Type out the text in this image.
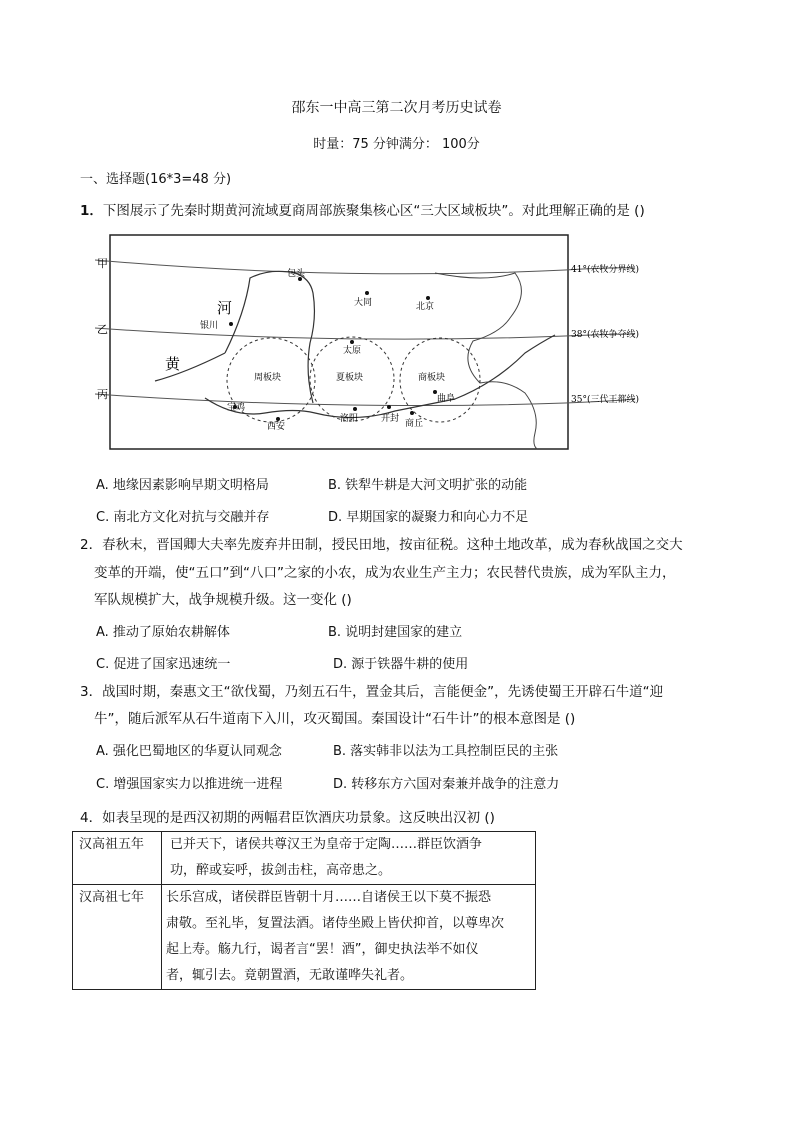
邵东一中高三第二次月考历史试卷
时量：75 分钟满分： 100分
一、选择题(16*3=48 分)
1．下图展示了先秦时期黄河流域夏商周部族聚集核心区“三大区域板块”。对此理解正确的是 ()
甲
乙
丙
41°(农牧分界线)
38°(农牧争夺线)
35°(三代王都线)
河
黄
包头
大同	北京
银川
太原
宝鸡
洛阳	开封
曲阜
西安	商丘
周板块	夏板块	商板块
A. 地缘因素影响早期文明格局	B. 铁犁牛耕是大河文明扩张的动能
C. 南北方文化对抗与交融并存	D. 早期国家的凝聚力和向心力不足
2．春秋末，晋国卿大夫率先废弃井田制，授民田地，按亩征税。这种土地改革，成为春秋战国之交大
变革的开端，使“五口”到“八口”之家的小农，成为农业生产主力；农民替代贵族，成为军队主力，
军队规模扩大，战争规模升级。这一变化 ()
A. 推动了原始农耕解体	B. 说明封建国家的建立
C. 促进了国家迅速统一	D. 源于铁器牛耕的使用
3．战国时期，秦惠文王“欲伐蜀，乃刻五石牛，置金其后，言能便金”，先诱使蜀王开辟石牛道“迎
牛”，随后派军从石牛道南下入川，攻灭蜀国。秦国设计“石牛计”的根本意图是 ()
A. 强化巴蜀地区的华夏认同观念	B. 落实韩非以法为工具控制臣民的主张
C. 增强国家实力以推进统一进程	D. 转移东方六国对秦兼并战争的注意力
4．如表呈现的是西汉初期的两幅君臣饮酒庆功景象。这反映出汉初 ()
汉高祖五年	已并天下，诸侯共尊汉王为皇帝于定陶……群臣饮酒争
功，醉或妄呼，拔剑击柱，高帝患之。

汉高祖七年	长乐宫成，诸侯群臣皆朝十月……自诸侯王以下莫不振恐
肃敬。至礼毕，复置法酒。诸侍坐殿上皆伏抑首，以尊卑次
起上寿。觞九行，谒者言“罢！酒”，御史执法举不如仪
者，辄引去。竟朝置酒，无敢谨哗失礼者。
